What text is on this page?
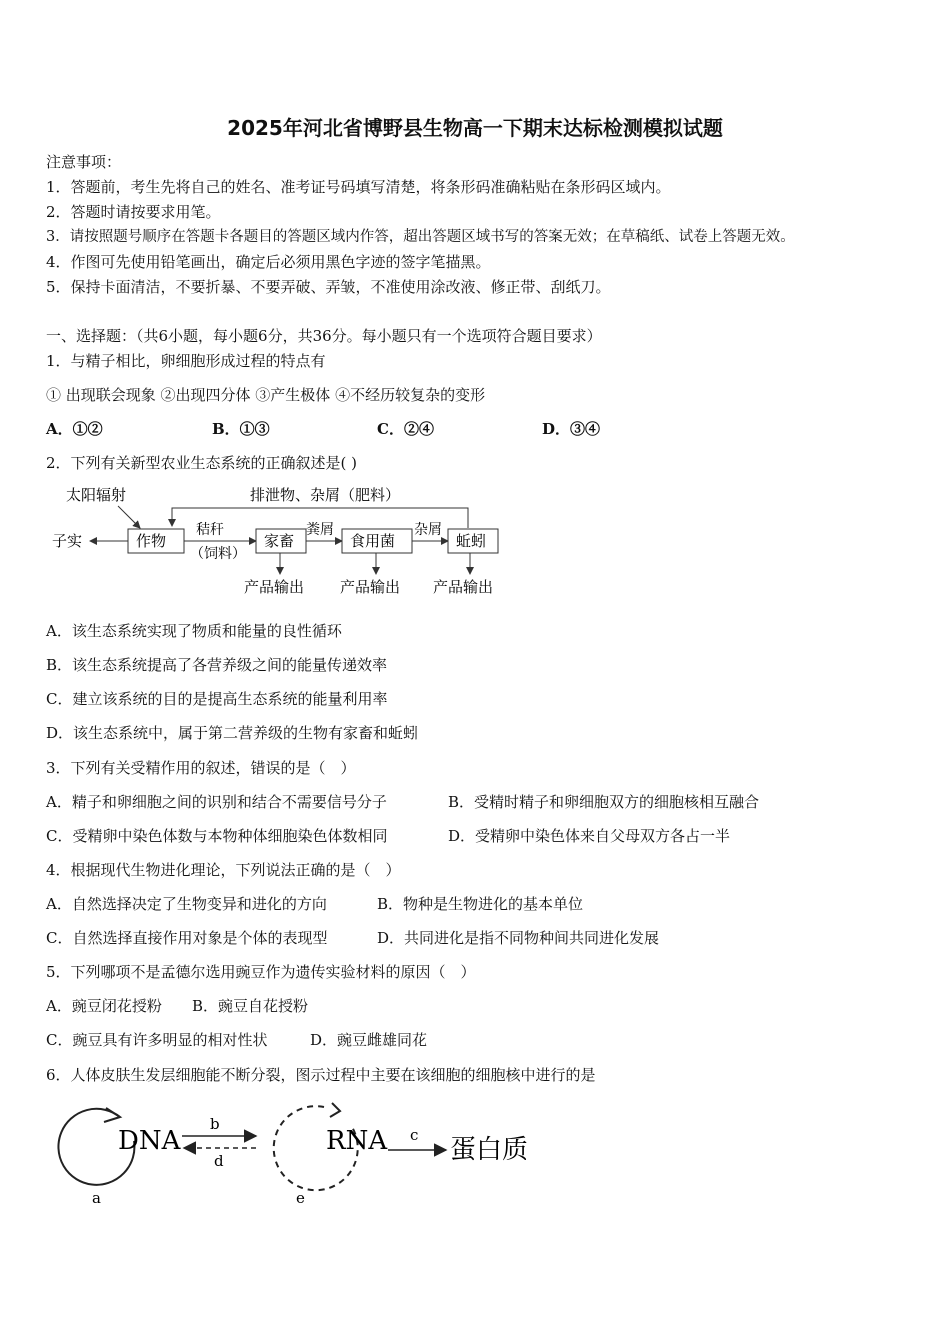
2025年河北省博野县生物高一下期末达标检测模拟试题
注意事项：
1．答题前，考生先将自己的姓名、准考证号码填写清楚，将条形码准确粘贴在条形码区域内。
2．答题时请按要求用笔。
3．请按照题号顺序在答题卡各题目的答题区域内作答，超出答题区域书写的答案无效；在草稿纸、试卷上答题无效。
4．作图可先使用铅笔画出，确定后必须用黑色字迹的签字笔描黑。
5．保持卡面清洁，不要折暴、不要弄破、弄皱，不准使用涂改液、修正带、刮纸刀。
一、选择题：（共6小题，每小题6分，共36分。每小题只有一个选项符合题目要求）
1．与精子相比，卵细胞形成过程的特点有
① 出现联会现象 ②出现四分体 ③产生极体 ④不经历较复杂的变形
A．①②	B．①③	C．②④	D．③④
2．下列有关新型农业生态系统的正确叙述是( )
太阳辐射	排泄物、杂屑（肥料）
子实	作物
秸秆
（饲料）
家畜
粪屑
食用菌
杂屑
蚯蚓
产品输出 产品输出 产品输出
A．该生态系统实现了物质和能量的良性循环
B．该生态系统提高了各营养级之间的能量传递效率
C．建立该系统的目的是提高生态系统的能量利用率
D．该生态系统中，属于第二营养级的生物有家畜和蚯蚓
3．下列有关受精作用的叙述，错误的是（　）
A．精子和卵细胞之间的识别和结合不需要信号分子	B．受精时精子和卵细胞双方的细胞核相互融合
C．受精卵中染色体数与本物种体细胞染色体数相同	D．受精卵中染色体来自父母双方各占一半
4．根据现代生物进化理论，下列说法正确的是（　）
A．自然选择决定了生物变异和进化的方向	B．物种是生物进化的基本单位
C．自然选择直接作用对象是个体的表现型	D．共同进化是指不同物种间共同进化发展
5．下列哪项不是孟德尔选用豌豆作为遗传实验材料的原因（　）
A．豌豆闭花授粉 B．豌豆自花授粉
C．豌豆具有许多明显的相对性状	D．豌豆雌雄同花
6．人体皮肤生发层细胞能不断分裂，图示过程中主要在该细胞的细胞核中进行的是
DNA
a
b
d
RNA
e
c 蛋白质
